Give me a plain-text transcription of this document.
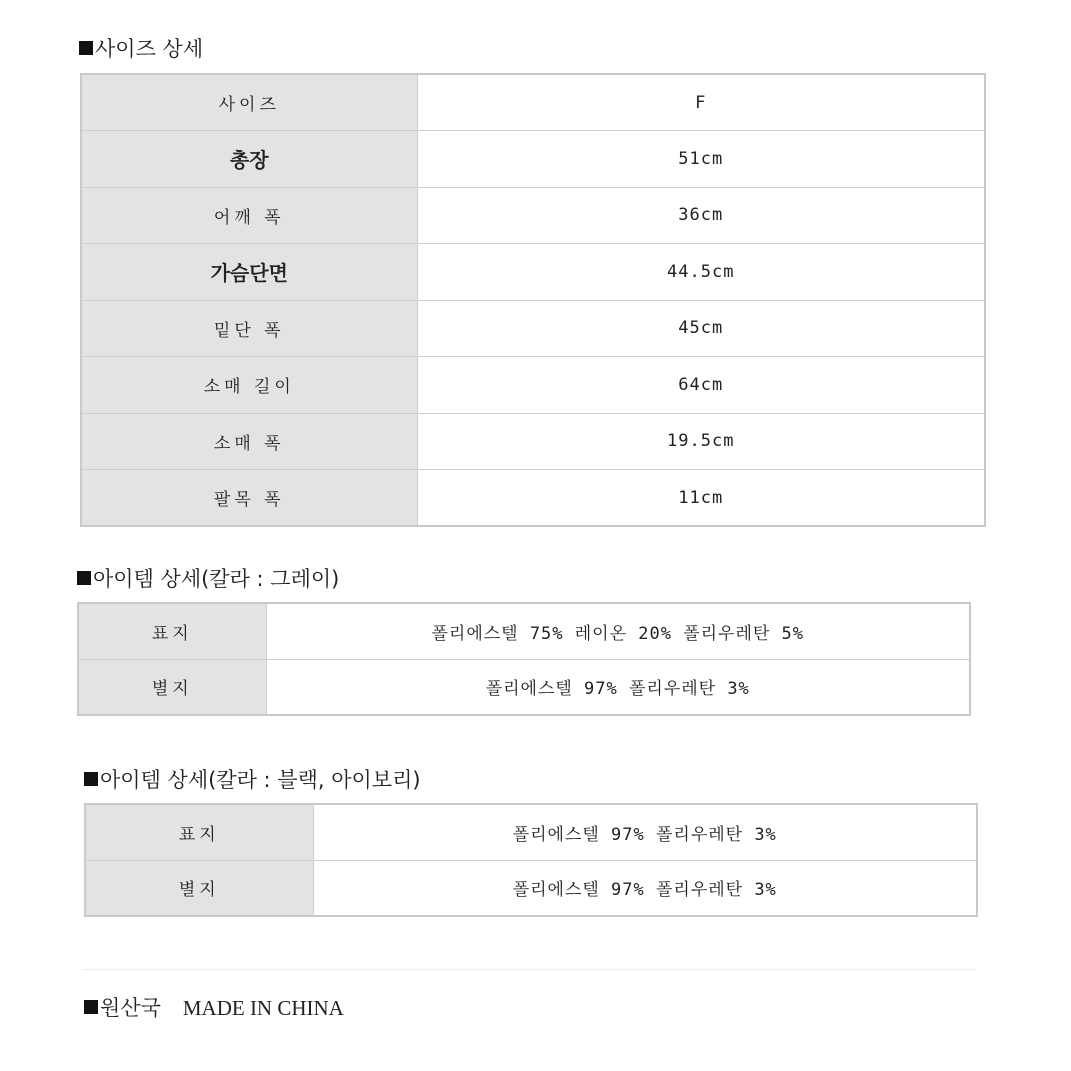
사이즈 상세
사이즈	F
총장	51cm
어깨 폭	36cm
가슴단면	44.5cm
밑단 폭	45cm
소매 길이	64cm
소매 폭	19.5cm
팔목 폭	11cm
아이템 상세(칼라 : 그레이)
표지	폴리에스텔 75% 레이온 20% 폴리우레탄 5%
별지	폴리에스텔 97% 폴리우레탄 3%
아이템 상세(칼라 : 블랙, 아이보리)
표지	폴리에스텔 97% 폴리우레탄 3%
별지	폴리에스텔 97% 폴리우레탄 3%
원산국 MADE IN CHINA
